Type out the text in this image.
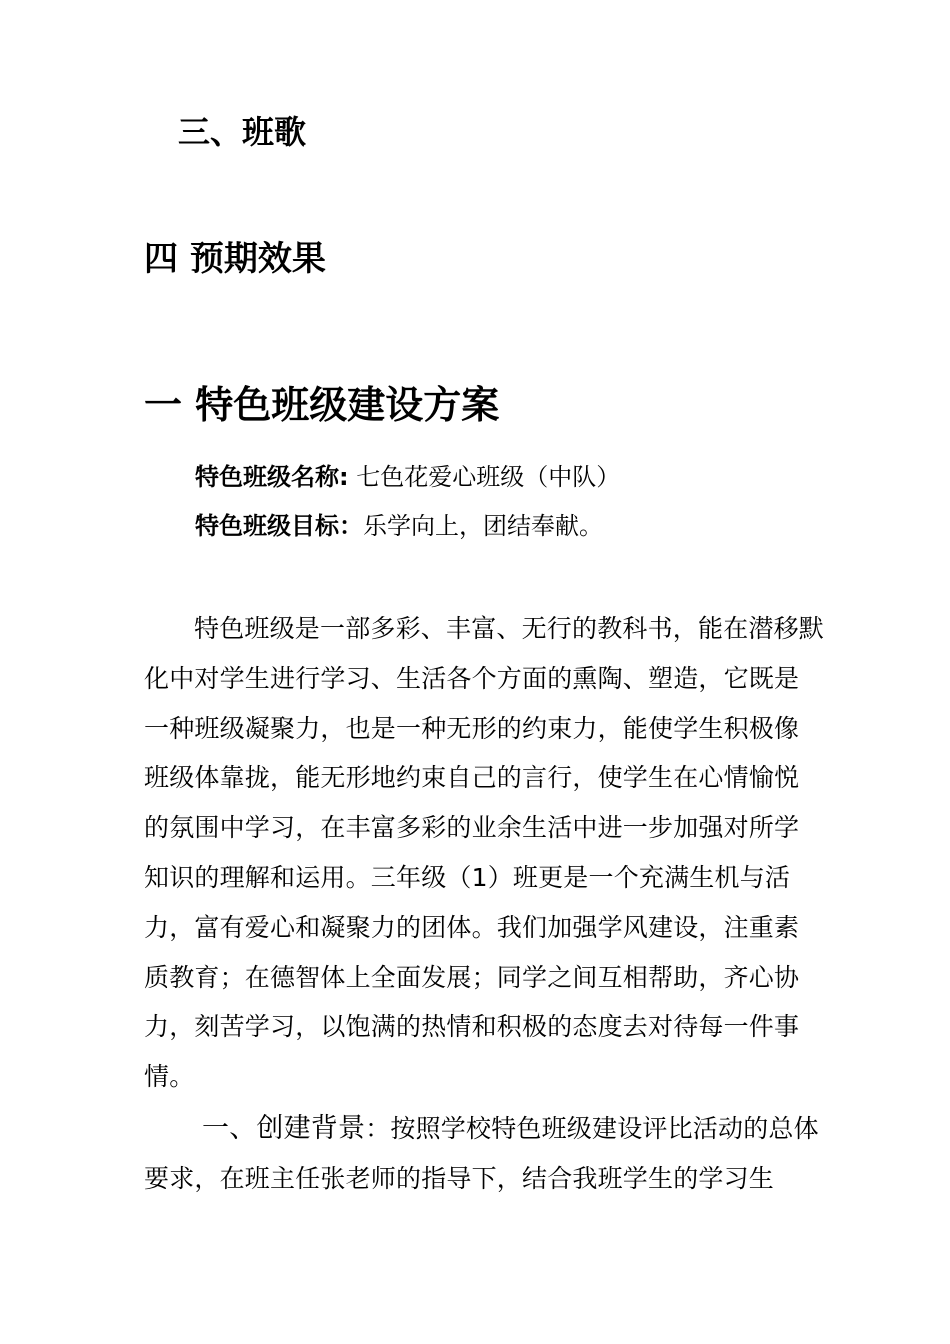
三、班歌
四 预期效果
一 特色班级建设方案
特色班级名称: 七色花爱心班级（中队）
特色班级目标：乐学向上，团结奉献。

特色班级是一部多彩、丰富、无行的教科书，能在潜移默化中对学生进行学习、生活各个方面的熏陶、塑造，它既是一种班级凝聚力，也是一种无形的约束力，能使学生积极像班级体靠拢，能无形地约束自己的言行，使学生在心情愉悦的氛围中学习，在丰富多彩的业余生活中进一步加强对所学知识的理解和运用。三年级（1）班更是一个充满生机与活力，富有爱心和凝聚力的团体。我们加强学风建设，注重素质教育；在德智体上全面发展；同学之间互相帮助，齐心协力，刻苦学习，以饱满的热情和积极的态度去对待每一件事情。

一、创建背景：按照学校特色班级建设评比活动的总体要求，在班主任张老师的指导下，结合我班学生的学习生
